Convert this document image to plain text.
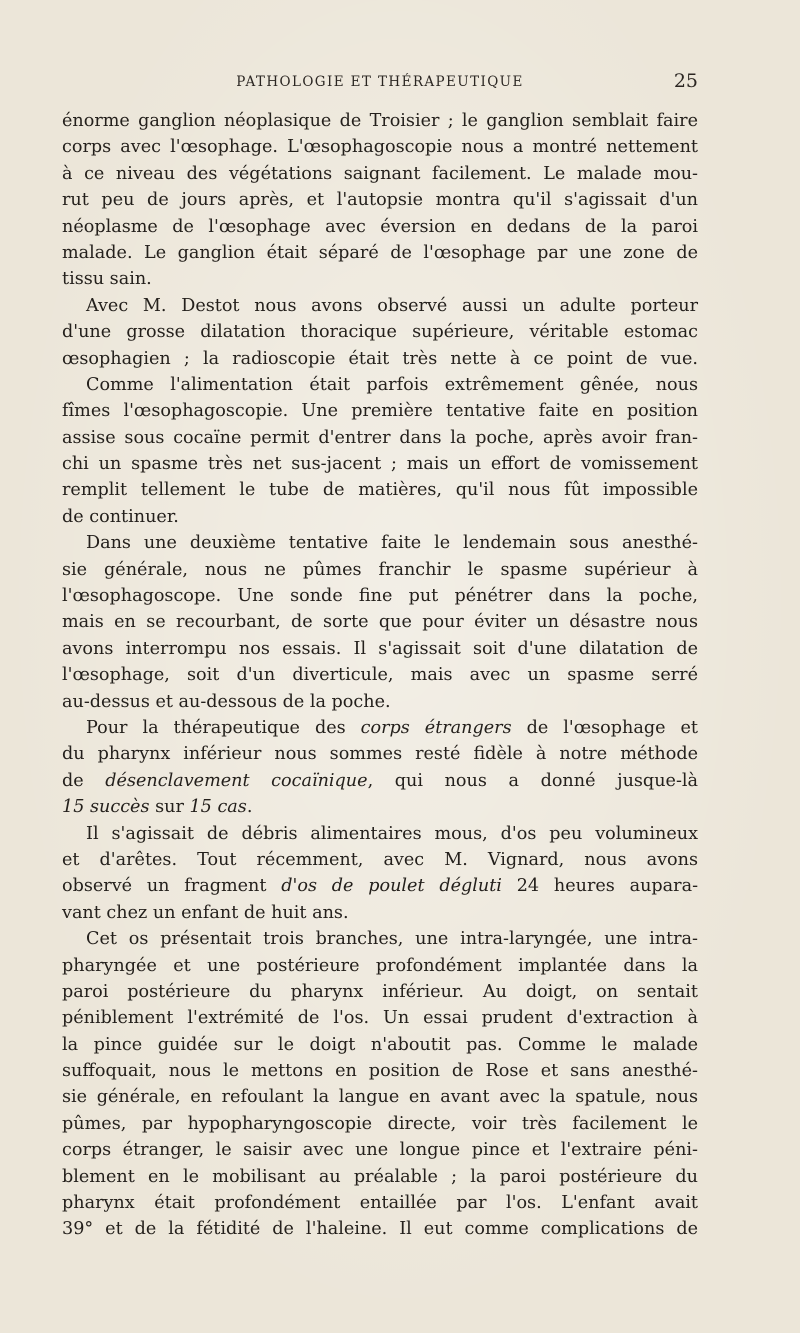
PATHOLOGIE ET THÉRAPEUTIQUE	25
énorme ganglion néoplasique de Troisier ; le ganglion semblait faire
corps avec l'œsophage. L'œsophagoscopie nous a montré nettement
à ce niveau des végétations saignant facilement. Le malade mou-
rut peu de jours après, et l'autopsie montra qu'il s'agissait d'un
néoplasme de l'œsophage avec éversion en dedans de la paroi
malade. Le ganglion était séparé de l'œsophage par une zone de
tissu sain.
Avec M. Destot nous avons observé aussi un adulte porteur
d'une grosse dilatation thoracique supérieure, véritable estomac
œsophagien ; la radioscopie était très nette à ce point de vue.
Comme l'alimentation était parfois extrêmement gênée, nous
fîmes l'œsophagoscopie. Une première tentative faite en position
assise sous cocaïne permit d'entrer dans la poche, après avoir fran-
chi un spasme très net sus-jacent ; mais un effort de vomissement
remplit tellement le tube de matières, qu'il nous fût impossible
de continuer.
Dans une deuxième tentative faite le lendemain sous anesthé-
sie générale, nous ne pûmes franchir le spasme supérieur à
l'œsophagoscope. Une sonde fine put pénétrer dans la poche,
mais en se recourbant, de sorte que pour éviter un désastre nous
avons interrompu nos essais. Il s'agissait soit d'une dilatation de
l'œsophage, soit d'un diverticule, mais avec un spasme serré
au-dessus et au-dessous de la poche.
Pour la thérapeutique des corps étrangers de l'œsophage et
du pharynx inférieur nous sommes resté fidèle à notre méthode
de désenclavement cocaïnique, qui nous a donné jusque-là
15 succès sur 15 cas.
Il s'agissait de débris alimentaires mous, d'os peu volumineux
et d'arêtes. Tout récemment, avec M. Vignard, nous avons
observé un fragment d'os de poulet dégluti 24 heures aupara-
vant chez un enfant de huit ans.
Cet os présentait trois branches, une intra-laryngée, une intra-
pharyngée et une postérieure profondément implantée dans la
paroi postérieure du pharynx inférieur. Au doigt, on sentait
péniblement l'extrémité de l'os. Un essai prudent d'extraction à
la pince guidée sur le doigt n'aboutit pas. Comme le malade
suffoquait, nous le mettons en position de Rose et sans anesthé-
sie générale, en refoulant la langue en avant avec la spatule, nous
pûmes, par hypopharyngoscopie directe, voir très facilement le
corps étranger, le saisir avec une longue pince et l'extraire péni-
blement en le mobilisant au préalable ; la paroi postérieure du
pharynx était profondément entaillée par l'os. L'enfant avait
39° et de la fétidité de l'haleine. Il eut comme complications de
